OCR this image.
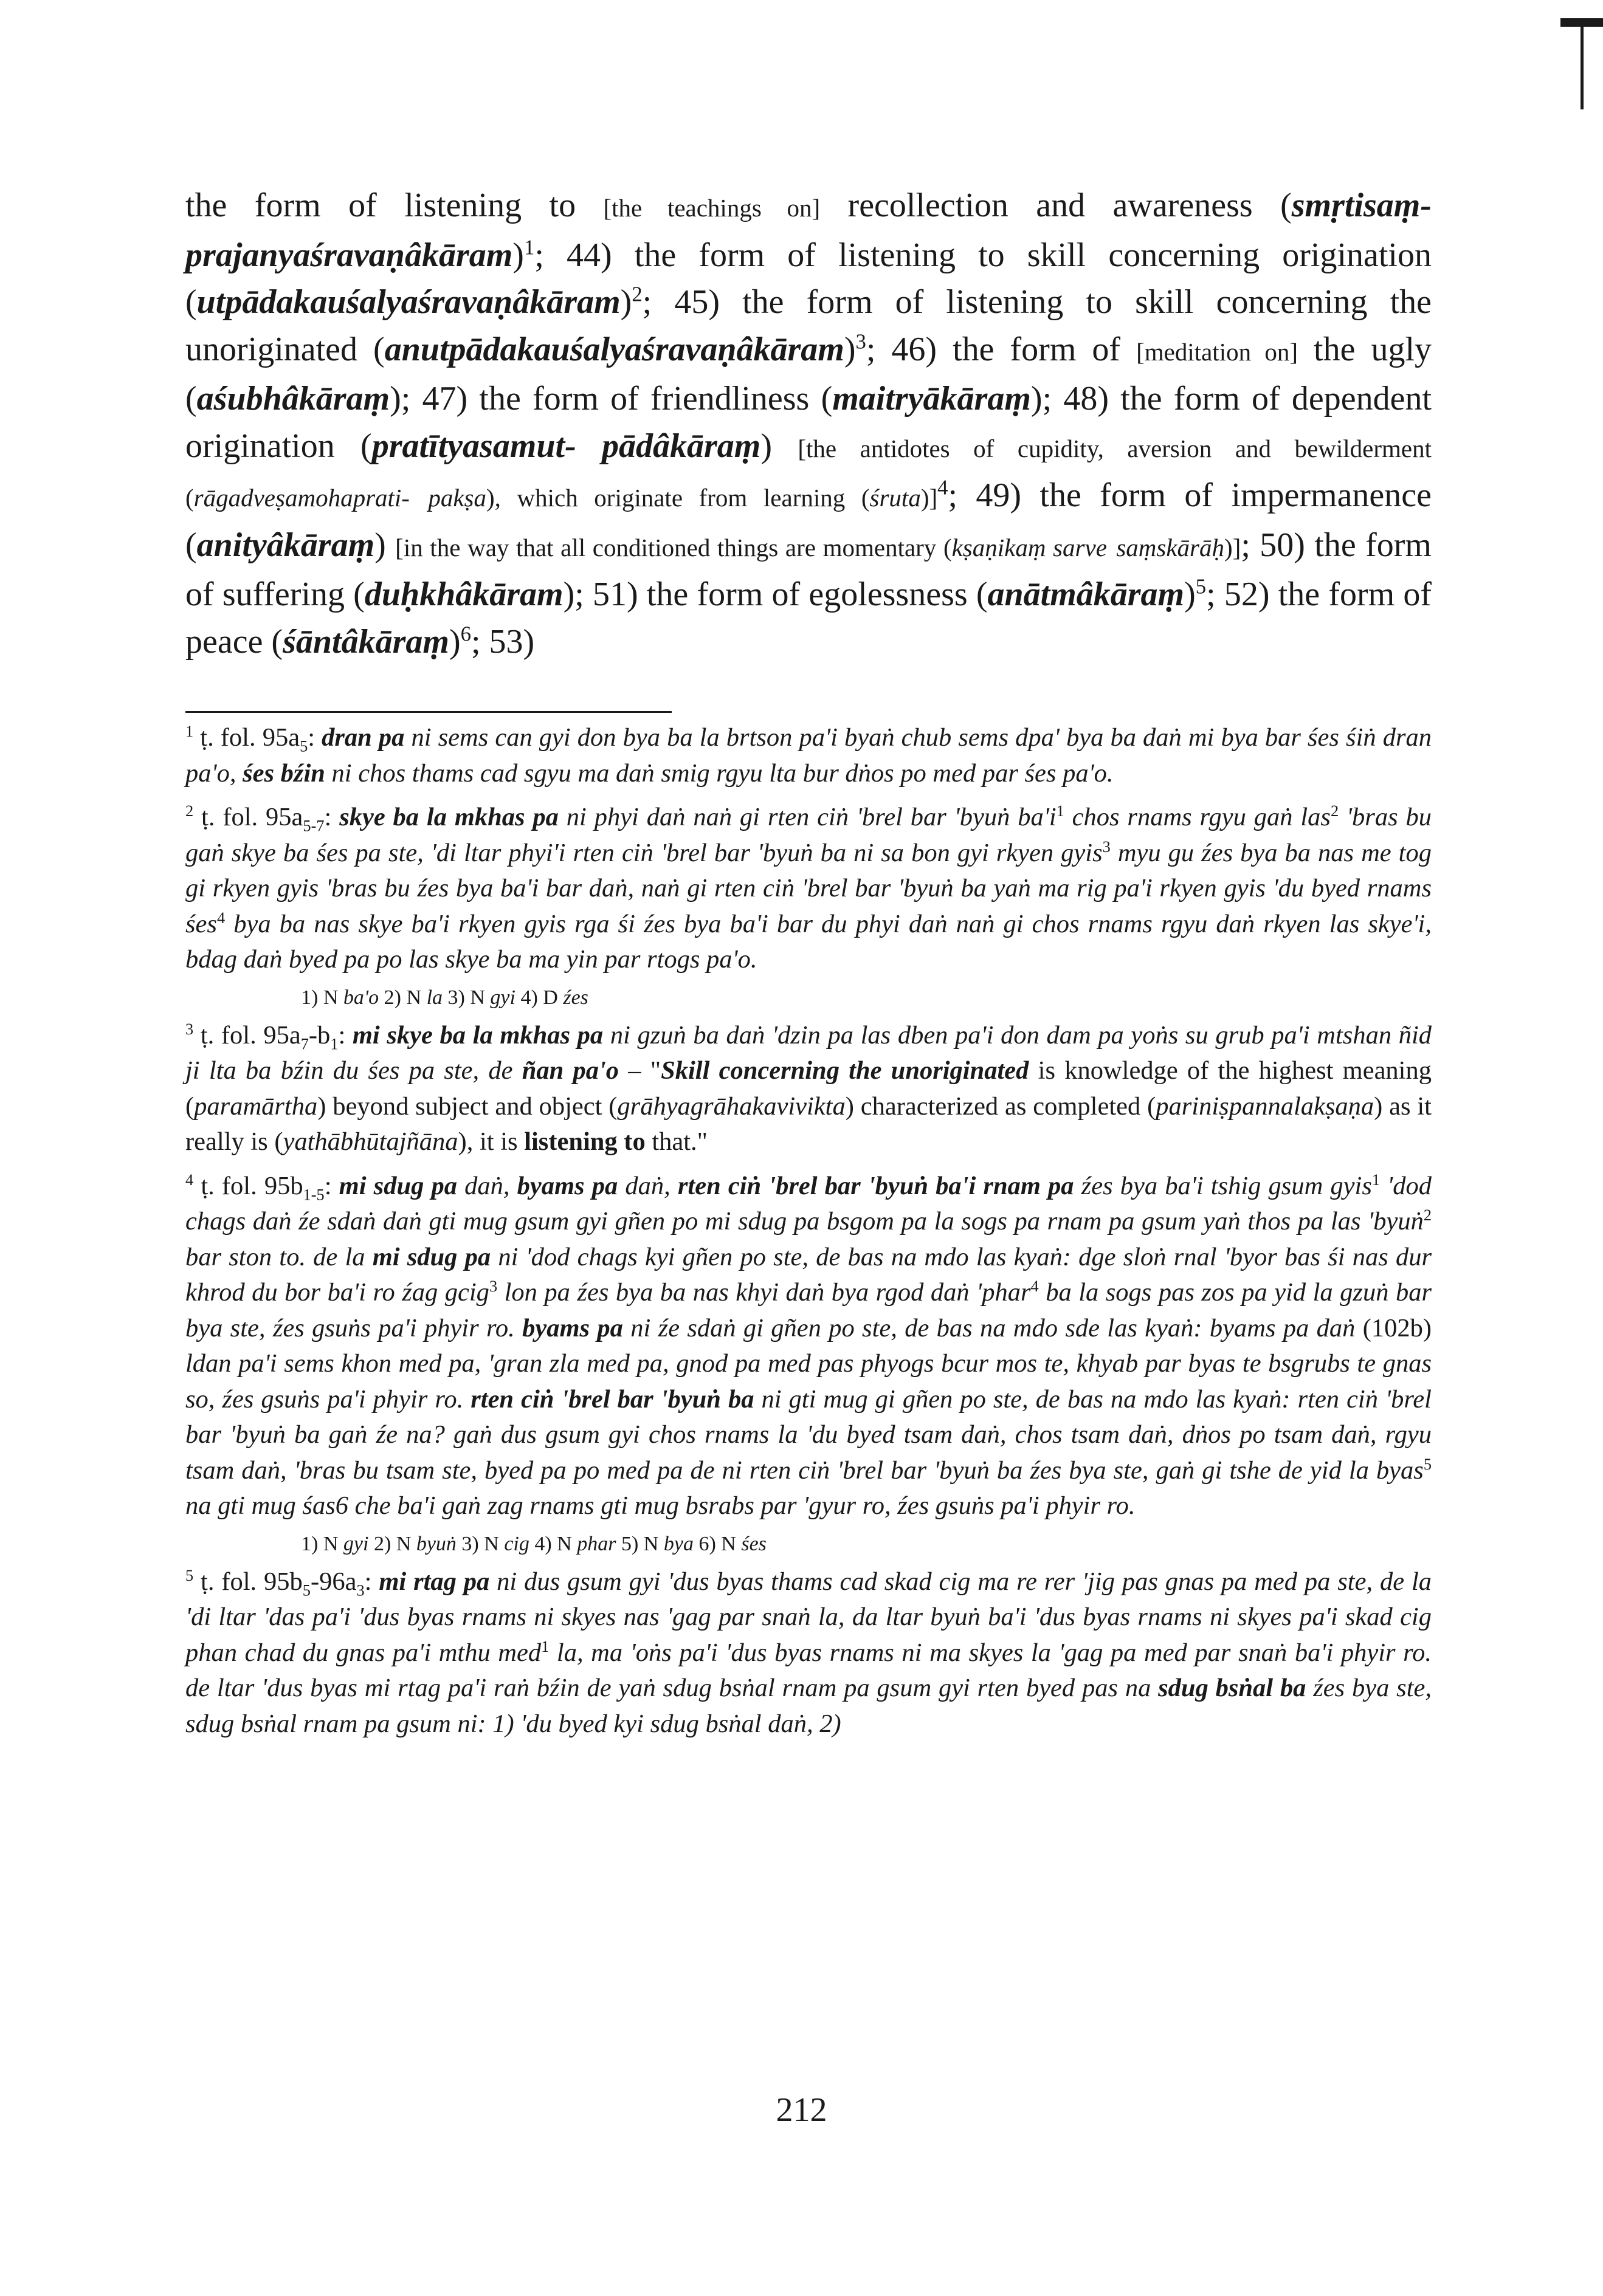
the form of listening to [the teachings on] recollection and awareness (smṛtisaṃ- prajanyaśravaṇâkāram)$^1$; 44) the form of listening to skill concerning origination (utpādakauśalyaśravaṇâkāram)$^2$; 45) the form of listening to skill concerning the unoriginated (anutpādakauśalyaśravaṇâkāram)$^3$; 46) the form of [meditation on] the ugly (aśubhâkāraṃ); 47) the form of friendliness (maitryākāraṃ); 48) the form of dependent origination (pratītyasamut- pādâkāraṃ) [the antidotes of cupidity, aversion and bewilderment (rāgadveṣamohaprati- pakṣa), which originate from learning (śruta)]$^4$; 49) the form of impermanence (anityâkāraṃ) [in the way that all conditioned things are momentary (kṣaṇikaṃ sarve saṃskārāḥ)]; 50) the form of suffering (duḥkhâkāram); 51) the form of egolessness (anātmâkāraṃ)$^5$; 52) the form of peace (śāntâkāraṃ)$^6$; 53)

$^1$ ṭ. fol. $95a_5$: dran pa ni sems can gyi don bya ba la brtson pa'i byaṅ chub sems dpa' bya ba daṅ mi bya bar śes śiṅ dran pa'o, śes bźin ni chos thams cad sgyu ma daṅ smig rgyu lta bur dṅos po med par śes pa'o.

$^2$ ṭ. fol. $95a_{5-7}$: skye ba la mkhas pa ni phyi daṅ naṅ gi rten ciṅ 'brel bar 'byuṅ $ba'i^1$ chos rnams rgyu gaṅ las$^2$ 'bras bu gaṅ skye ba śes pa ste, 'di ltar phyi'i rten ciṅ 'brel bar 'byuṅ ba ni sa bon gyi rkyen gyis$^3$ myu gu źes bya ba nas me tog gi rkyen gyis 'bras bu źes bya ba'i bar daṅ, naṅ gi rten ciṅ 'brel bar 'byuṅ ba yaṅ ma rig pa'i rkyen gyis 'du byed rnams śes$^4$ bya ba nas skye ba'i rkyen gyis rga śi źes bya ba'i bar du phyi daṅ naṅ gi chos rnams rgyu daṅ rkyen las skye'i, bdag daṅ byed pa po las skye ba ma yin par rtogs pa'o.

1) N ba'o 2) N la 3) N gyi 4) D źes

$^3$ ṭ. fol. $95a_7-b_1$: mi skye ba la mkhas pa ni gzuṅ ba daṅ 'dzin pa las dben pa'i don dam pa yoṅs su grub pa'i mtshan ñid ji lta ba bźin du śes pa ste, de ñan pa'o – "Skill concerning the unoriginated is knowledge of the highest meaning (paramārtha) beyond subject and object (grāhyagrāhakavivikta) characterized as completed (pariniṣpannalakṣaṇa) as it really is (yathābhūtajñāna), it is listening to that."

$^4$ ṭ. fol. $95b_{1-5}$: mi sdug pa daṅ, byams pa daṅ, rten ciṅ 'brel bar 'byuṅ ba'i rnam pa źes bya ba'i tshig gsum gyis$^1$ 'dod chags daṅ źe sdaṅ daṅ gti mug gsum gyi gñen po mi sdug pa bsgom pa la sogs pa rnam pa gsum yaṅ thos pa las 'byuṅ$^2$ bar ston to. de la mi sdug pa ni 'dod chags kyi gñen po ste, de bas na mdo las kyaṅ: dge sloṅ rnal 'byor bas śi nas dur khrod du bor ba'i ro źag gcig$^3$ lon pa źes bya ba nas khyi daṅ bya rgod daṅ 'phar$^4$ ba la sogs pas zos pa yid la gzuṅ bar bya ste, źes gsuṅs pa'i phyir ro. byams pa ni źe sdaṅ gi gñen po ste, de bas na mdo sde las kyaṅ: byams pa daṅ (102b) ldan pa'i sems khon med pa, 'gran zla med pa, gnod pa med pas phyogs bcur mos te, khyab par byas te bsgrubs te gnas so, źes gsuṅs pa'i phyir ro. rten ciṅ 'brel bar 'byuṅ ba ni gti mug gi gñen po ste, de bas na mdo las kyaṅ: rten ciṅ 'brel bar 'byuṅ ba gaṅ źe na? gaṅ dus gsum gyi chos rnams la 'du byed tsam daṅ, chos tsam daṅ, dṅos po tsam daṅ, rgyu tsam daṅ, 'bras bu tsam ste, byed pa po med pa de ni rten ciṅ 'brel bar 'byuṅ ba źes bya ste, gaṅ gi tshe de yid la byas$^5$ na gti mug śas6 che ba'i gaṅ zag rnams gti mug bsrabs par 'gyur ro, źes gsuṅs pa'i phyir ro.

1) N gyi 2) N byuṅ 3) N cig 4) N phar 5) N bya 6) N śes

$^5$ ṭ. fol. $95b_5-96a_3$: mi rtag pa ni dus gsum gyi 'dus byas thams cad skad cig ma re rer 'jig pas gnas pa med pa ste, de la 'di ltar 'das pa'i 'dus byas rnams ni skyes nas 'gag par snaṅ la, da ltar byuṅ ba'i 'dus byas rnams ni skyes pa'i skad cig phan chad du gnas pa'i mthu med$^1$ la, ma 'oṅs pa'i 'dus byas rnams ni ma skyes la 'gag pa med par snaṅ ba'i phyir ro. de ltar 'dus byas mi rtag pa'i raṅ bźin de yaṅ sdug bsṅal rnam pa gsum gyi rten byed pas na sdug bsṅal ba źes bya ste, sdug bsṅal rnam pa gsum ni: 1) 'du byed kyi sdug bsṅal daṅ, 2)

212
